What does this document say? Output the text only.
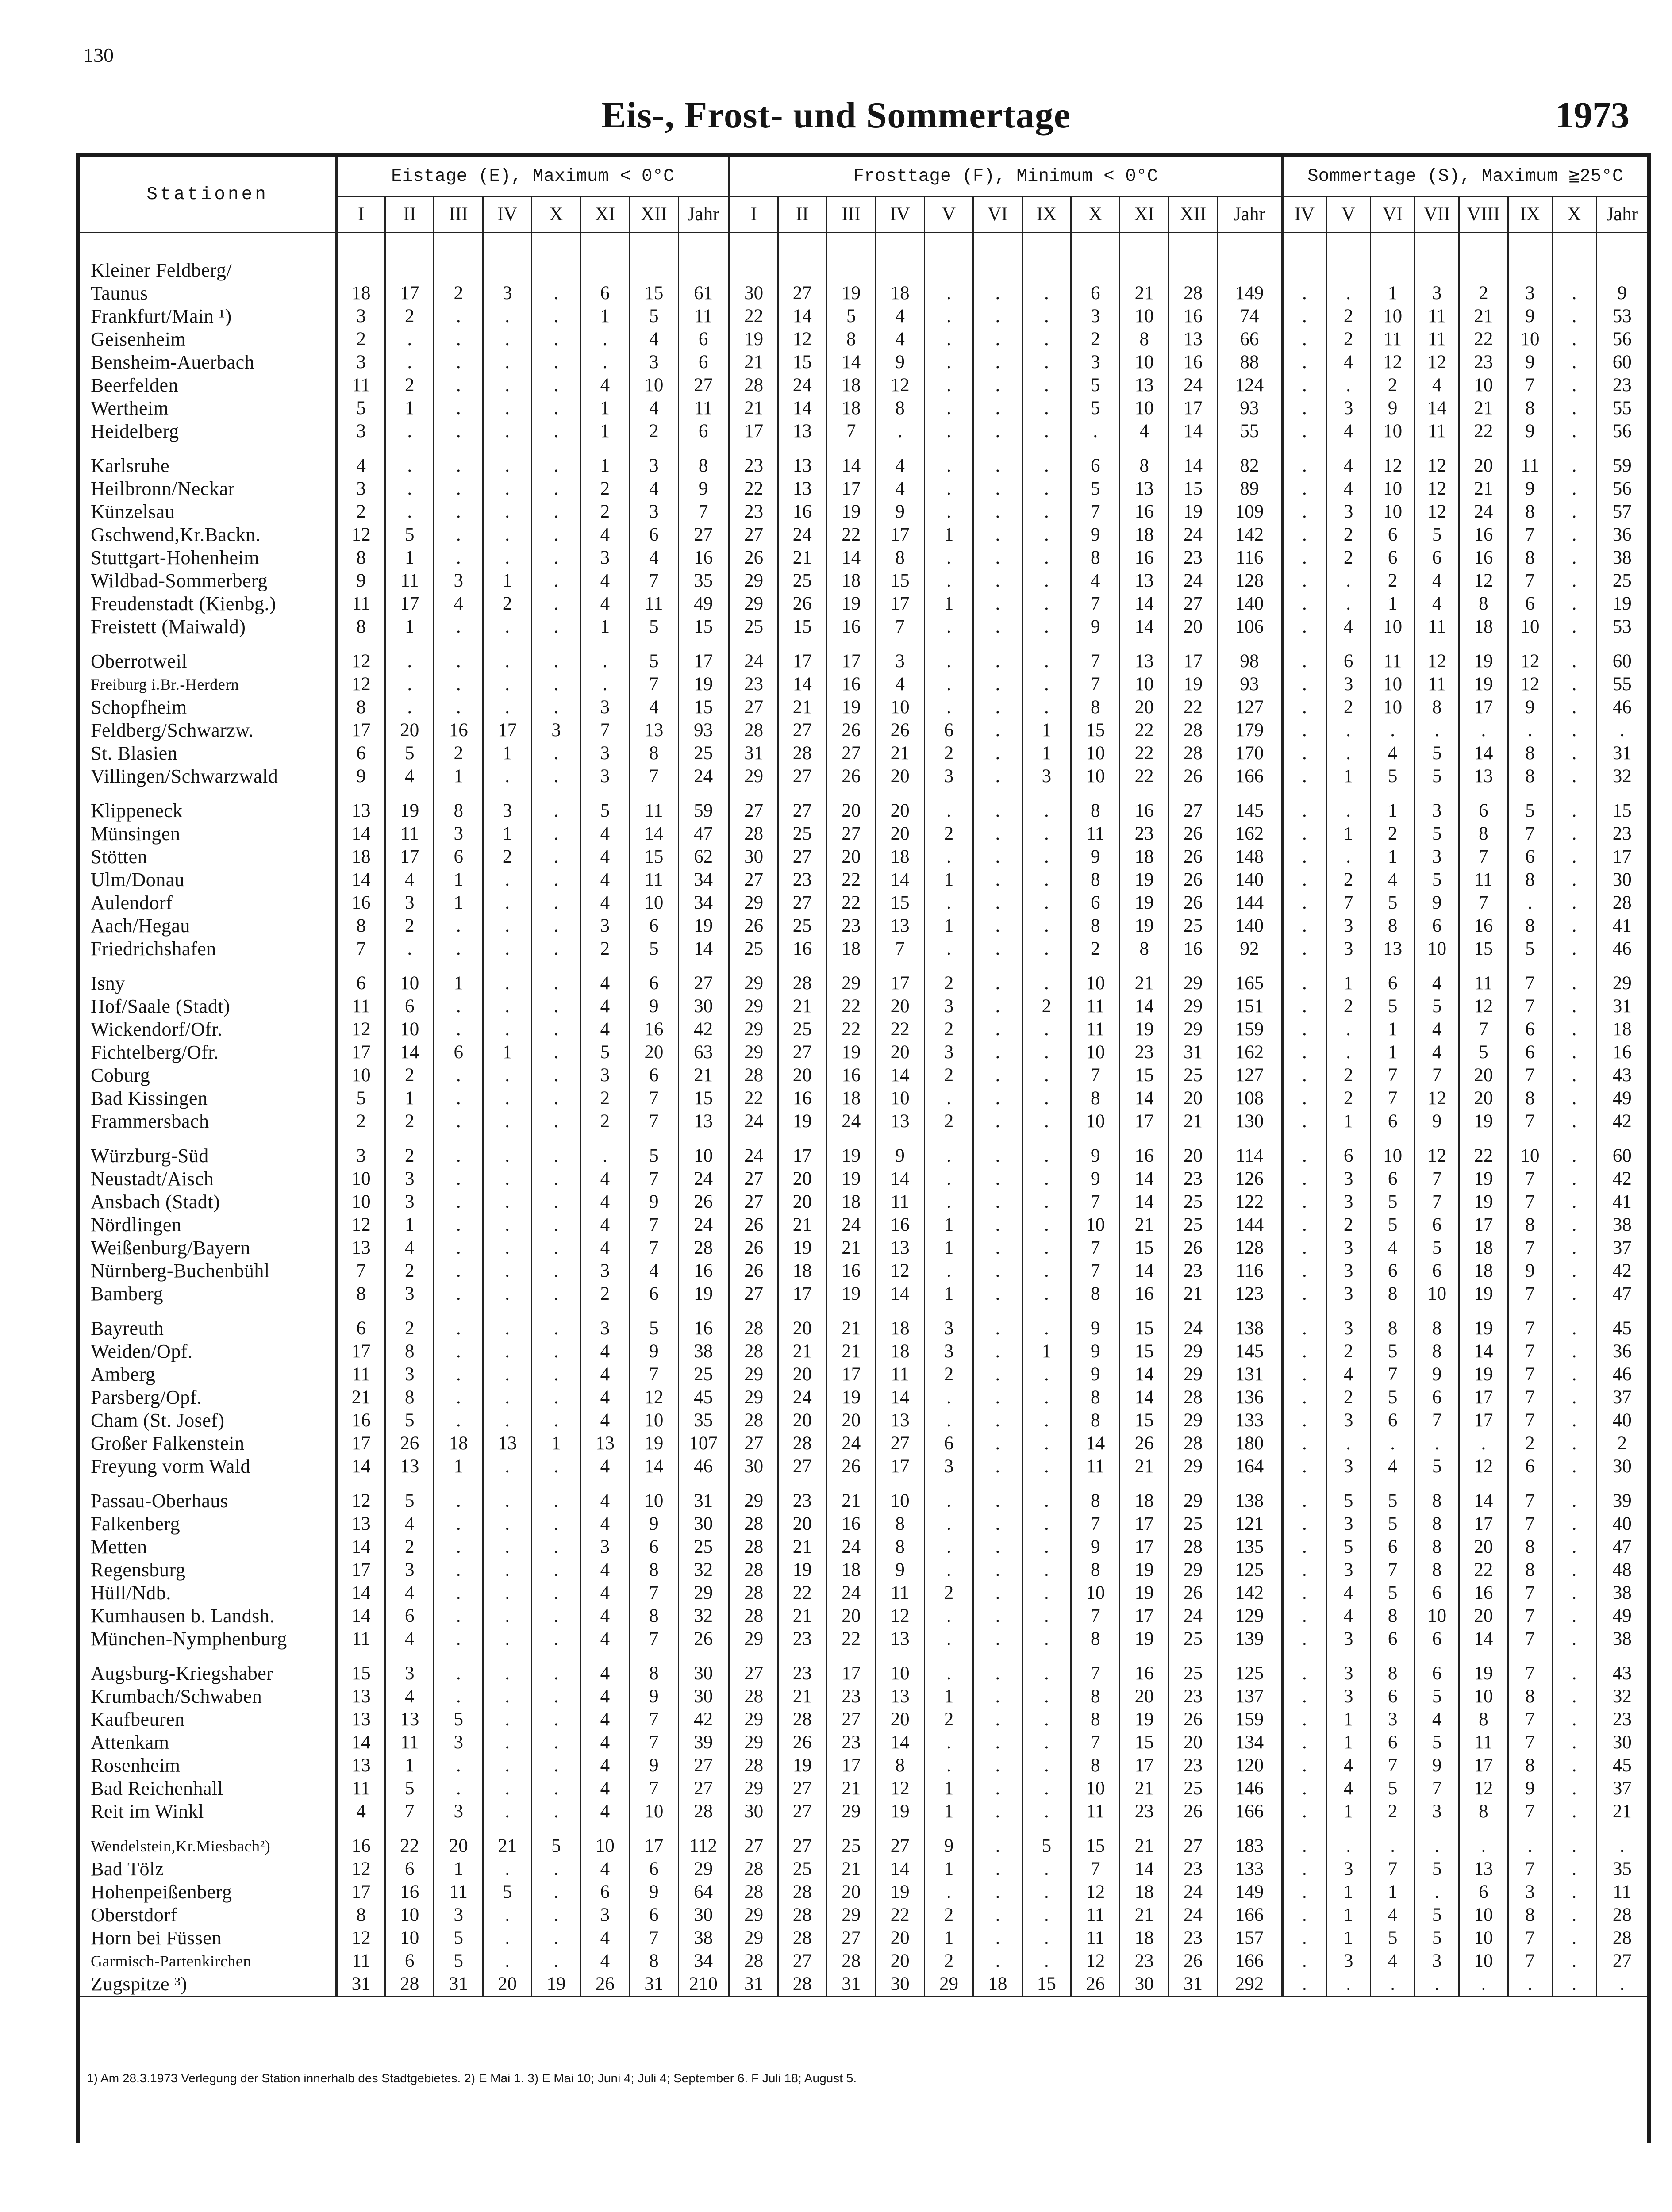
130
Eis-, Frost- und Sommertage	1973
Stationen	Eistage (E), Maximum < 0°C								Frosttage (F), Minimum < 0°C											Sommertage (S), Maximum ≧25°C							
	I	II	III	IV	X	XI	XII	Jahr	I	II	III	IV	V	VI	IX	X	XI	XII	Jahr	IV	V	VI	VII	VIII	IX	X	Jahr

Kleiner Feldberg/																											
Taunus	18	17	2	3	.	6	15	61	30	27	19	18	.	.	.	6	21	28	149	.	.	1	3	2	3	.	9
Frankfurt/Main ¹)	3	2	.	.	.	1	5	11	22	14	5	4	.	.	.	3	10	16	74	.	2	10	11	21	9	.	53
Geisenheim	2	.	.	.	.	.	4	6	19	12	8	4	.	.	.	2	8	13	66	.	2	11	11	22	10	.	56
Bensheim-Auerbach	3	.	.	.	.	.	3	6	21	15	14	9	.	.	.	3	10	16	88	.	4	12	12	23	9	.	60
Beerfelden	11	2	.	.	.	4	10	27	28	24	18	12	.	.	.	5	13	24	124	.	.	2	4	10	7	.	23
Wertheim	5	1	.	.	.	1	4	11	21	14	18	8	.	.	.	5	10	17	93	.	3	9	14	21	8	.	55
Heidelberg	3	.	.	.	.	1	2	6	17	13	7	.	.	.	.	.	4	14	55	.	4	10	11	22	9	.	56

Karlsruhe	4	.	.	.	.	1	3	8	23	13	14	4	.	.	.	6	8	14	82	.	4	12	12	20	11	.	59
Heilbronn/Neckar	3	.	.	.	.	2	4	9	22	13	17	4	.	.	.	5	13	15	89	.	4	10	12	21	9	.	56
Künzelsau	2	.	.	.	.	2	3	7	23	16	19	9	.	.	.	7	16	19	109	.	3	10	12	24	8	.	57
Gschwend,Kr.Backn.	12	5	.	.	.	4	6	27	27	24	22	17	1	.	.	9	18	24	142	.	2	6	5	16	7	.	36
Stuttgart-Hohenheim	8	1	.	.	.	3	4	16	26	21	14	8	.	.	.	8	16	23	116	.	2	6	6	16	8	.	38
Wildbad-Sommerberg	9	11	3	1	.	4	7	35	29	25	18	15	.	.	.	4	13	24	128	.	.	2	4	12	7	.	25
Freudenstadt (Kienbg.)	11	17	4	2	.	4	11	49	29	26	19	17	1	.	.	7	14	27	140	.	.	1	4	8	6	.	19
Freistett (Maiwald)	8	1	.	.	.	1	5	15	25	15	16	7	.	.	.	9	14	20	106	.	4	10	11	18	10	.	53

Oberrotweil	12	.	.	.	.	.	5	17	24	17	17	3	.	.	.	7	13	17	98	.	6	11	12	19	12	.	60
Freiburg i.Br.-Herdern	12	.	.	.	.	.	7	19	23	14	16	4	.	.	.	7	10	19	93	.	3	10	11	19	12	.	55
Schopfheim	8	.	.	.	.	3	4	15	27	21	19	10	.	.	.	8	20	22	127	.	2	10	8	17	9	.	46
Feldberg/Schwarzw.	17	20	16	17	3	7	13	93	28	27	26	26	6	.	1	15	22	28	179	.	.	.	.	.	.	.	.
St. Blasien	6	5	2	1	.	3	8	25	31	28	27	21	2	.	1	10	22	28	170	.	.	4	5	14	8	.	31
Villingen/Schwarzwald	9	4	1	.	.	3	7	24	29	27	26	20	3	.	3	10	22	26	166	.	1	5	5	13	8	.	32

Klippeneck	13	19	8	3	.	5	11	59	27	27	20	20	.	.	.	8	16	27	145	.	.	1	3	6	5	.	15
Münsingen	14	11	3	1	.	4	14	47	28	25	27	20	2	.	.	11	23	26	162	.	1	2	5	8	7	.	23
Stötten	18	17	6	2	.	4	15	62	30	27	20	18	.	.	.	9	18	26	148	.	.	1	3	7	6	.	17
Ulm/Donau	14	4	1	.	.	4	11	34	27	23	22	14	1	.	.	8	19	26	140	.	2	4	5	11	8	.	30
Aulendorf	16	3	1	.	.	4	10	34	29	27	22	15	.	.	.	6	19	26	144	.	7	5	9	7	.	.	28
Aach/Hegau	8	2	.	.	.	3	6	19	26	25	23	13	1	.	.	8	19	25	140	.	3	8	6	16	8	.	41
Friedrichshafen	7	.	.	.	.	2	5	14	25	16	18	7	.	.	.	2	8	16	92	.	3	13	10	15	5	.	46

Isny	6	10	1	.	.	4	6	27	29	28	29	17	2	.	.	10	21	29	165	.	1	6	4	11	7	.	29
Hof/Saale (Stadt)	11	6	.	.	.	4	9	30	29	21	22	20	3	.	2	11	14	29	151	.	2	5	5	12	7	.	31
Wickendorf/Ofr.	12	10	.	.	.	4	16	42	29	25	22	22	2	.	.	11	19	29	159	.	.	1	4	7	6	.	18
Fichtelberg/Ofr.	17	14	6	1	.	5	20	63	29	27	19	20	3	.	.	10	23	31	162	.	.	1	4	5	6	.	16
Coburg	10	2	.	.	.	3	6	21	28	20	16	14	2	.	.	7	15	25	127	.	2	7	7	20	7	.	43
Bad Kissingen	5	1	.	.	.	2	7	15	22	16	18	10	.	.	.	8	14	20	108	.	2	7	12	20	8	.	49
Frammersbach	2	2	.	.	.	2	7	13	24	19	24	13	2	.	.	10	17	21	130	.	1	6	9	19	7	.	42

Würzburg-Süd	3	2	.	.	.	.	5	10	24	17	19	9	.	.	.	9	16	20	114	.	6	10	12	22	10	.	60
Neustadt/Aisch	10	3	.	.	.	4	7	24	27	20	19	14	.	.	.	9	14	23	126	.	3	6	7	19	7	.	42
Ansbach (Stadt)	10	3	.	.	.	4	9	26	27	20	18	11	.	.	.	7	14	25	122	.	3	5	7	19	7	.	41
Nördlingen	12	1	.	.	.	4	7	24	26	21	24	16	1	.	.	10	21	25	144	.	2	5	6	17	8	.	38
Weißenburg/Bayern	13	4	.	.	.	4	7	28	26	19	21	13	1	.	.	7	15	26	128	.	3	4	5	18	7	.	37
Nürnberg-Buchenbühl	7	2	.	.	.	3	4	16	26	18	16	12	.	.	.	7	14	23	116	.	3	6	6	18	9	.	42
Bamberg	8	3	.	.	.	2	6	19	27	17	19	14	1	.	.	8	16	21	123	.	3	8	10	19	7	.	47

Bayreuth	6	2	.	.	.	3	5	16	28	20	21	18	3	.	.	9	15	24	138	.	3	8	8	19	7	.	45
Weiden/Opf.	17	8	.	.	.	4	9	38	28	21	21	18	3	.	1	9	15	29	145	.	2	5	8	14	7	.	36
Amberg	11	3	.	.	.	4	7	25	29	20	17	11	2	.	.	9	14	29	131	.	4	7	9	19	7	.	46
Parsberg/Opf.	21	8	.	.	.	4	12	45	29	24	19	14	.	.	.	8	14	28	136	.	2	5	6	17	7	.	37
Cham (St. Josef)	16	5	.	.	.	4	10	35	28	20	20	13	.	.	.	8	15	29	133	.	3	6	7	17	7	.	40
Großer Falkenstein	17	26	18	13	1	13	19	107	27	28	24	27	6	.	.	14	26	28	180	.	.	.	.	.	2	.	2
Freyung vorm Wald	14	13	1	.	.	4	14	46	30	27	26	17	3	.	.	11	21	29	164	.	3	4	5	12	6	.	30

Passau-Oberhaus	12	5	.	.	.	4	10	31	29	23	21	10	.	.	.	8	18	29	138	.	5	5	8	14	7	.	39
Falkenberg	13	4	.	.	.	4	9	30	28	20	16	8	.	.	.	7	17	25	121	.	3	5	8	17	7	.	40
Metten	14	2	.	.	.	3	6	25	28	21	24	8	.	.	.	9	17	28	135	.	5	6	8	20	8	.	47
Regensburg	17	3	.	.	.	4	8	32	28	19	18	9	.	.	.	8	19	29	125	.	3	7	8	22	8	.	48
Hüll/Ndb.	14	4	.	.	.	4	7	29	28	22	24	11	2	.	.	10	19	26	142	.	4	5	6	16	7	.	38
Kumhausen b. Landsh.	14	6	.	.	.	4	8	32	28	21	20	12	.	.	.	7	17	24	129	.	4	8	10	20	7	.	49
München-Nymphenburg	11	4	.	.	.	4	7	26	29	23	22	13	.	.	.	8	19	25	139	.	3	6	6	14	7	.	38

Augsburg-Kriegshaber	15	3	.	.	.	4	8	30	27	23	17	10	.	.	.	7	16	25	125	.	3	8	6	19	7	.	43
Krumbach/Schwaben	13	4	.	.	.	4	9	30	28	21	23	13	1	.	.	8	20	23	137	.	3	6	5	10	8	.	32
Kaufbeuren	13	13	5	.	.	4	7	42	29	28	27	20	2	.	.	8	19	26	159	.	1	3	4	8	7	.	23
Attenkam	14	11	3	.	.	4	7	39	29	26	23	14	.	.	.	7	15	20	134	.	1	6	5	11	7	.	30
Rosenheim	13	1	.	.	.	4	9	27	28	19	17	8	.	.	.	8	17	23	120	.	4	7	9	17	8	.	45
Bad Reichenhall	11	5	.	.	.	4	7	27	29	27	21	12	1	.	.	10	21	25	146	.	4	5	7	12	9	.	37
Reit im Winkl	4	7	3	.	.	4	10	28	30	27	29	19	1	.	.	11	23	26	166	.	1	2	3	8	7	.	21

Wendelstein,Kr.Miesbach²)	16	22	20	21	5	10	17	112	27	27	25	27	9	.	5	15	21	27	183	.	.	.	.	.	.	.	.
Bad Tölz	12	6	1	.	.	4	6	29	28	25	21	14	1	.	.	7	14	23	133	.	3	7	5	13	7	.	35
Hohenpeißenberg	17	16	11	5	.	6	9	64	28	28	20	19	.	.	.	12	18	24	149	.	1	1	.	6	3	.	11
Oberstdorf	8	10	3	.	.	3	6	30	29	28	29	22	2	.	.	11	21	24	166	.	1	4	5	10	8	.	28
Horn bei Füssen	12	10	5	.	.	4	7	38	29	28	27	20	1	.	.	11	18	23	157	.	1	5	5	10	7	.	28
Garmisch-Partenkirchen	11	6	5	.	.	4	8	34	28	27	28	20	2	.	.	12	23	26	166	.	3	4	3	10	7	.	27
Zugspitze ³)	31	28	31	20	19	26	31	210	31	28	31	30	29	18	15	26	30	31	292	.	.	.	.	.	.	.	.
1) Am 28.3.1973 Verlegung der Station innerhalb des Stadtgebietes. 2) E Mai 1. 3) E Mai 10; Juni 4; Juli 4; September 6. F Juli 18; August 5.
